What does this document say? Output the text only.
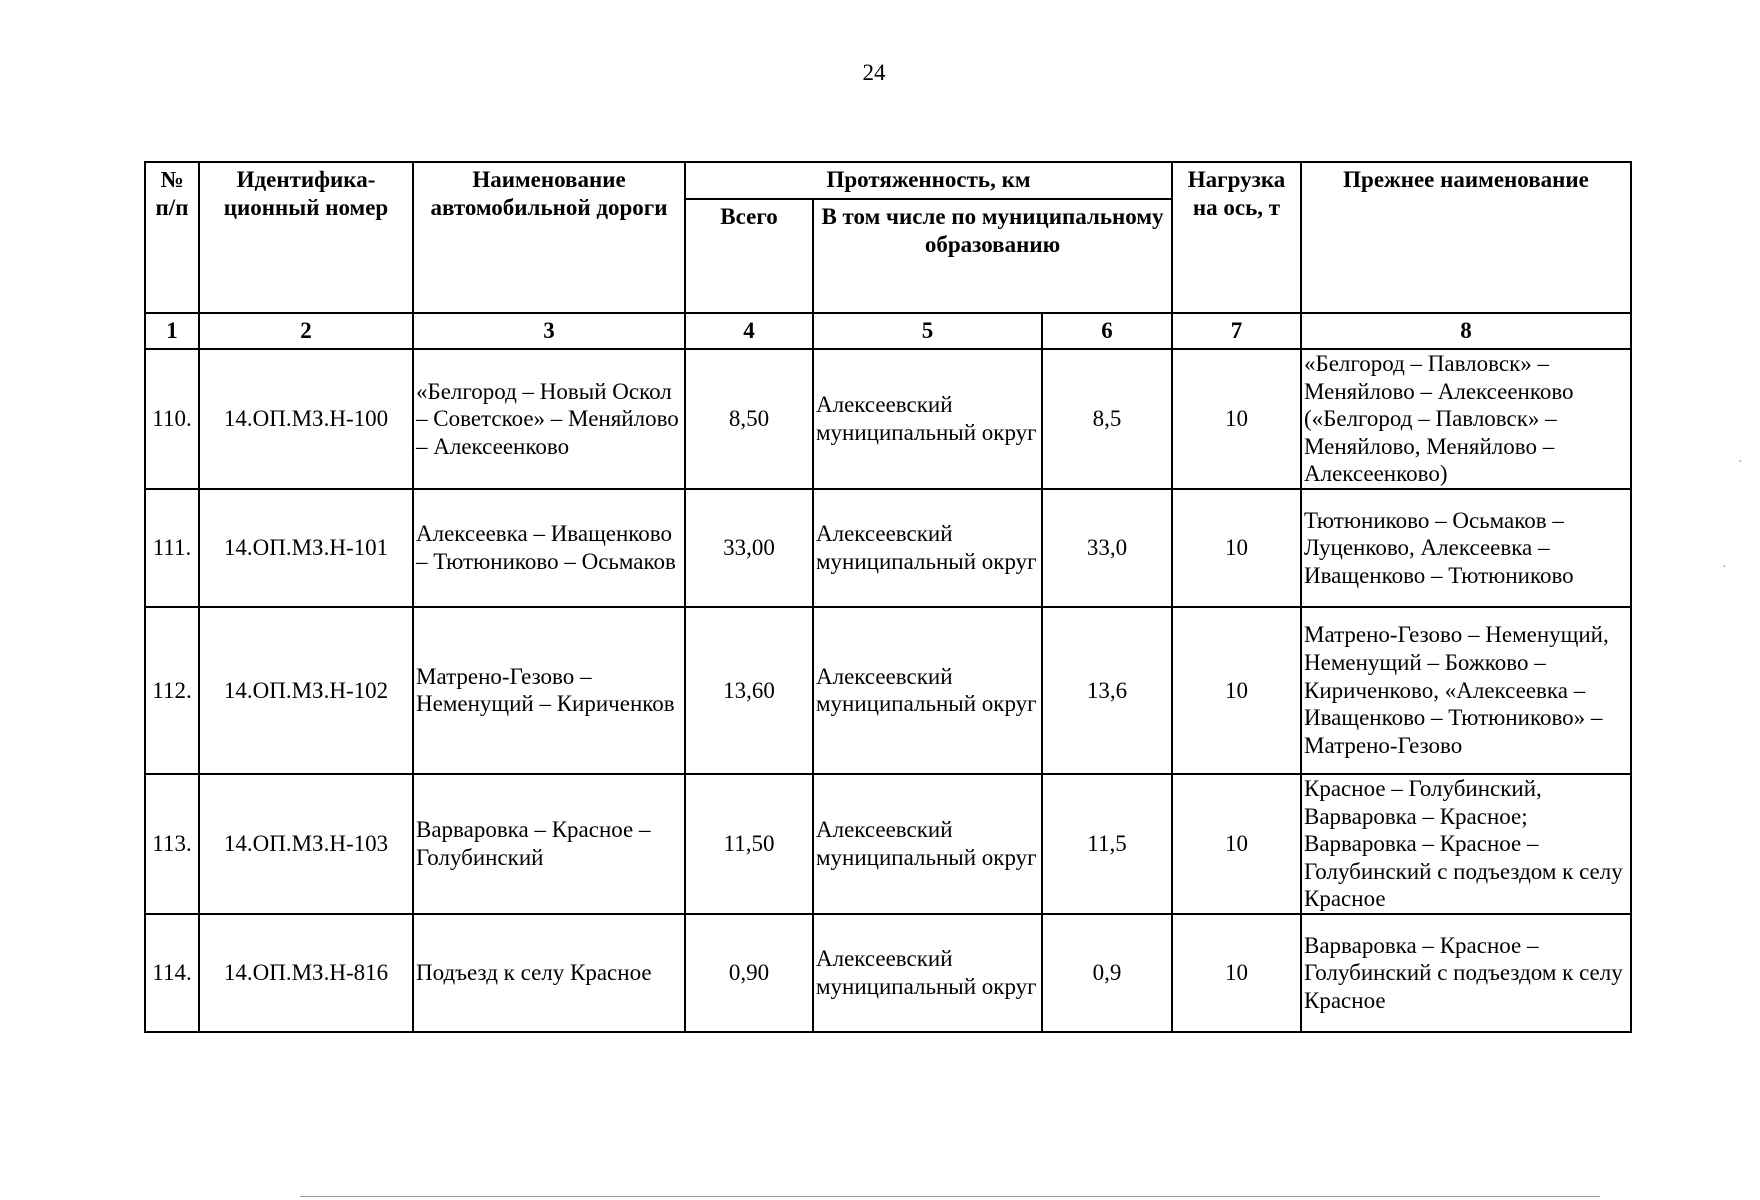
24
№ п/п	Идентифика-ционный номер	Наименование автомобильной дороги	Протяженность, км			Нагрузка на ось, т	Прежнее наименование
			Всего	В том числе по муниципальному образованию			
1	2	3	4	5	6	7	8
110.	14.ОП.МЗ.Н-100	«Белгород – Новый Оскол – Советское» – Меняйлово – Алексеенково	8,50	Алексеевский муниципальный округ	8,5	10	«Белгород – Павловск» – Меняйлово – Алексеенково («Белгород – Павловск» – Меняйлово, Меняйлово – Алексеенково)
111.	14.ОП.МЗ.Н-101	Алексеевка – Иващенково – Тютюниково – Осьмаков	33,00	Алексеевский муниципальный округ	33,0	10	Тютюниково – Осьмаков – Луценково, Алексеевка – Иващенково – Тютюниково
112.	14.ОП.МЗ.Н-102	Матрено-Гезово – Неменущий – Кириченков	13,60	Алексеевский муниципальный округ	13,6	10	Матрено-Гезово – Неменущий, Неменущий – Божково – Кириченково, «Алексеевка – Иващенково – Тютюниково» – Матрено-Гезово
113.	14.ОП.МЗ.Н-103	Варваровка – Красное – Голубинский	11,50	Алексеевский муниципальный округ	11,5	10	Красное – Голубинский, Варваровка – Красное; Варваровка – Красное – Голубинский с подъездом к селу Красное
114.	14.ОП.МЗ.Н-816	Подъезд к селу Красное	0,90	Алексеевский муниципальный округ	0,9	10	Варваровка – Красное – Голубинский с подъездом к селу Красное
·
·
